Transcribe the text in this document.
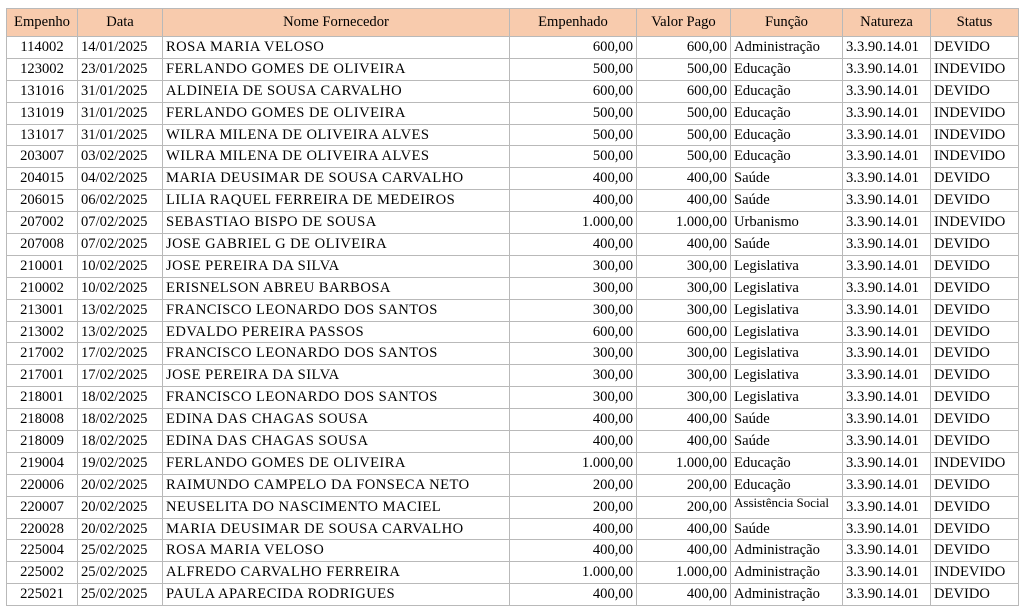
Empenho	Data	Nome Fornecedor	Empenhado	Valor Pago	Função	Natureza	Status
114002	14/01/2025	ROSA MARIA VELOSO	600,00	600,00	Administração	3.3.90.14.01	DEVIDO
123002	23/01/2025	FERLANDO GOMES DE OLIVEIRA	500,00	500,00	Educação	3.3.90.14.01	INDEVIDO
131016	31/01/2025	ALDINEIA DE SOUSA CARVALHO	600,00	600,00	Educação	3.3.90.14.01	DEVIDO
131019	31/01/2025	FERLANDO GOMES DE OLIVEIRA	500,00	500,00	Educação	3.3.90.14.01	INDEVIDO
131017	31/01/2025	WILRA MILENA DE OLIVEIRA ALVES	500,00	500,00	Educação	3.3.90.14.01	INDEVIDO
203007	03/02/2025	WILRA MILENA DE OLIVEIRA ALVES	500,00	500,00	Educação	3.3.90.14.01	INDEVIDO
204015	04/02/2025	MARIA DEUSIMAR DE SOUSA CARVALHO	400,00	400,00	Saúde	3.3.90.14.01	DEVIDO
206015	06/02/2025	LILIA RAQUEL FERREIRA DE MEDEIROS	400,00	400,00	Saúde	3.3.90.14.01	DEVIDO
207002	07/02/2025	SEBASTIAO BISPO DE SOUSA	1.000,00	1.000,00	Urbanismo	3.3.90.14.01	INDEVIDO
207008	07/02/2025	JOSE GABRIEL G DE OLIVEIRA	400,00	400,00	Saúde	3.3.90.14.01	DEVIDO
210001	10/02/2025	JOSE PEREIRA DA SILVA	300,00	300,00	Legislativa	3.3.90.14.01	DEVIDO
210002	10/02/2025	ERISNELSON ABREU BARBOSA	300,00	300,00	Legislativa	3.3.90.14.01	DEVIDO
213001	13/02/2025	FRANCISCO LEONARDO DOS SANTOS	300,00	300,00	Legislativa	3.3.90.14.01	DEVIDO
213002	13/02/2025	EDVALDO PEREIRA PASSOS	600,00	600,00	Legislativa	3.3.90.14.01	DEVIDO
217002	17/02/2025	FRANCISCO LEONARDO DOS SANTOS	300,00	300,00	Legislativa	3.3.90.14.01	DEVIDO
217001	17/02/2025	JOSE PEREIRA DA SILVA	300,00	300,00	Legislativa	3.3.90.14.01	DEVIDO
218001	18/02/2025	FRANCISCO LEONARDO DOS SANTOS	300,00	300,00	Legislativa	3.3.90.14.01	DEVIDO
218008	18/02/2025	EDINA DAS CHAGAS SOUSA	400,00	400,00	Saúde	3.3.90.14.01	DEVIDO
218009	18/02/2025	EDINA DAS CHAGAS SOUSA	400,00	400,00	Saúde	3.3.90.14.01	DEVIDO
219004	19/02/2025	FERLANDO GOMES DE OLIVEIRA	1.000,00	1.000,00	Educação	3.3.90.14.01	INDEVIDO
220006	20/02/2025	RAIMUNDO CAMPELO DA FONSECA NETO	200,00	200,00	Educação	3.3.90.14.01	DEVIDO
220007	20/02/2025	NEUSELITA DO NASCIMENTO MACIEL	200,00	200,00	Assistência Social	3.3.90.14.01	DEVIDO
220028	20/02/2025	MARIA DEUSIMAR DE SOUSA CARVALHO	400,00	400,00	Saúde	3.3.90.14.01	DEVIDO
225004	25/02/2025	ROSA MARIA VELOSO	400,00	400,00	Administração	3.3.90.14.01	DEVIDO
225002	25/02/2025	ALFREDO CARVALHO FERREIRA	1.000,00	1.000,00	Administração	3.3.90.14.01	INDEVIDO
225021	25/02/2025	PAULA APARECIDA RODRIGUES	400,00	400,00	Administração	3.3.90.14.01	DEVIDO
